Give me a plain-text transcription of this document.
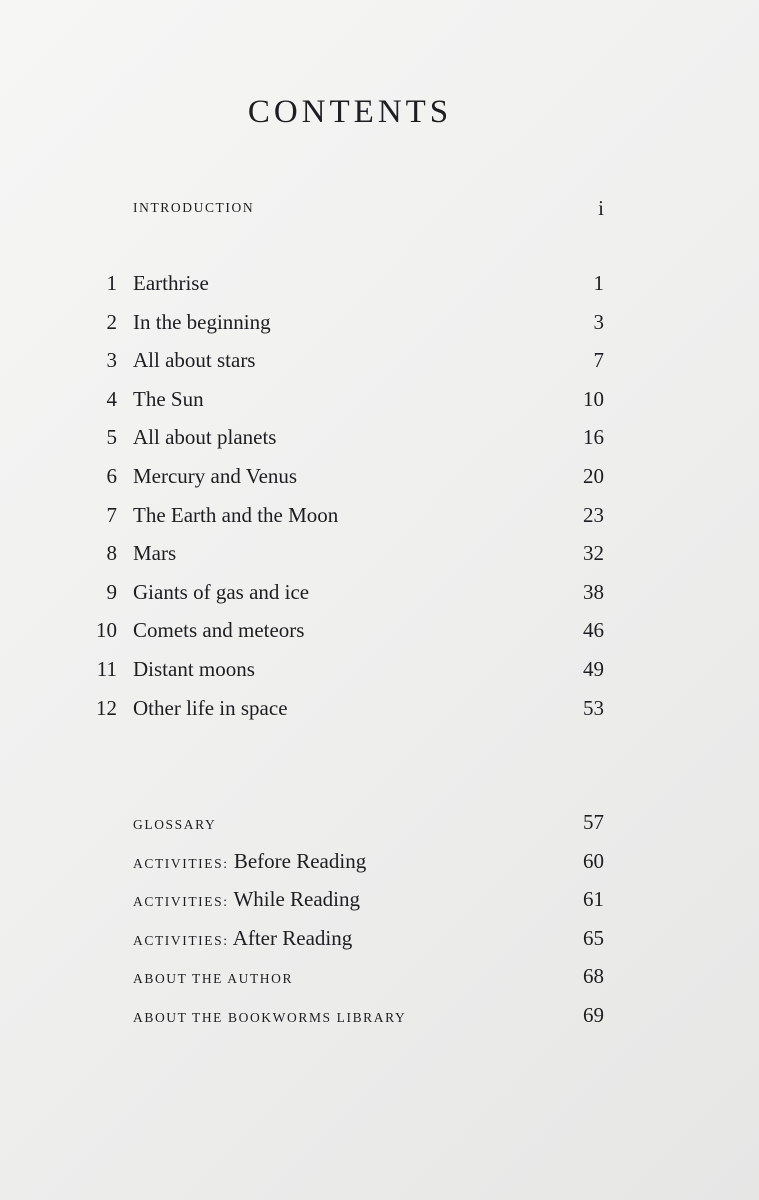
CONTENTS
INTRODUCTION	i
1 Earthrise	1
2 In the beginning	3
3 All about stars	7
4 The Sun	10
5 All about planets	16
6 Mercury and Venus	20
7 The Earth and the Moon	23
8 Mars	32
9 Giants of gas and ice	38
10 Comets and meteors	46
11 Distant moons	49
12 Other life in space	53
GLOSSARY	57
ACTIVITIES: Before Reading	60
ACTIVITIES: While Reading	61
ACTIVITIES: After Reading	65
ABOUT THE AUTHOR	68
ABOUT THE BOOKWORMS LIBRARY	69
